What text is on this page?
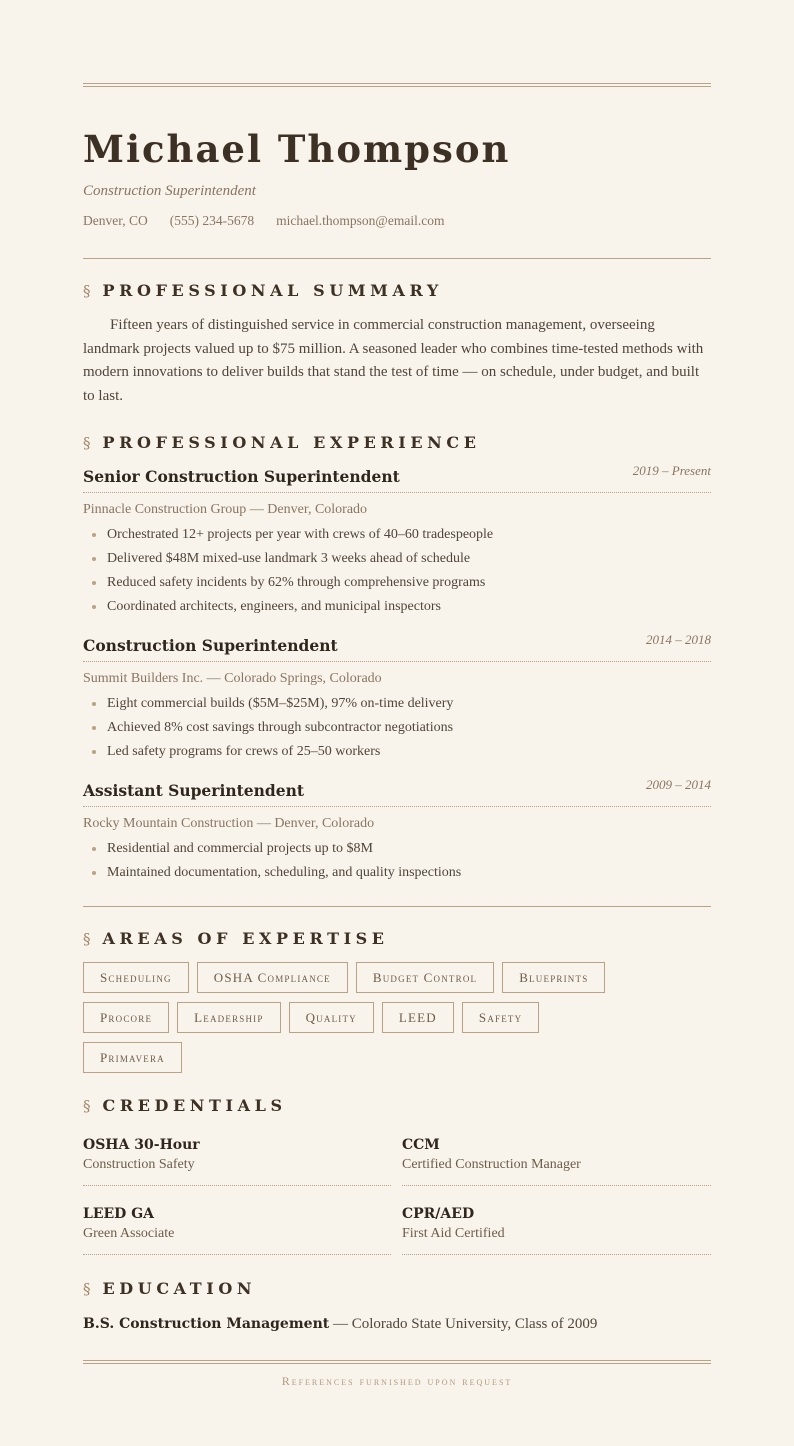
Michael Thompson
Construction Superintendent
Denver, CO (555) 234-5678 michael.thompson@email.com
§ PROFESSIONAL SUMMARY

Fifteen years of distinguished service in commercial construction management, overseeing landmark projects valued up to $75 million. A seasoned leader who combines time-tested methods with modern innovations to deliver builds that stand the test of time — on schedule, under budget, and built to last.

§ PROFESSIONAL EXPERIENCE
Senior Construction Superintendent	2019 – Present
Pinnacle Construction Group — Denver, Colorado
Orchestrated 12+ projects per year with crews of 40–60 tradespeople
Delivered $48M mixed-use landmark 3 weeks ahead of schedule
Reduced safety incidents by 62% through comprehensive programs
Coordinated architects, engineers, and municipal inspectors
Construction Superintendent	2014 – 2018
Summit Builders Inc. — Colorado Springs, Colorado
Eight commercial builds ($5M–$25M), 97% on-time delivery
Achieved 8% cost savings through subcontractor negotiations
Led safety programs for crews of 25–50 workers
Assistant Superintendent	2009 – 2014
Rocky Mountain Construction — Denver, Colorado
Residential and commercial projects up to $8M
Maintained documentation, scheduling, and quality inspections
§ AREAS OF EXPERTISE
Scheduling	OSHA Compliance	Budget Control	Blueprints
Procore	Leadership	Quality	LEED	Safety
Primavera
§ CREDENTIALS
OSHA 30-Hour
Construction Safety
CCM
Certified Construction Manager
LEED GA
Green Associate
CPR/AED
First Aid Certified
§ EDUCATION

B.S. Construction Management — Colorado State University, Class of 2009

References furnished upon request
